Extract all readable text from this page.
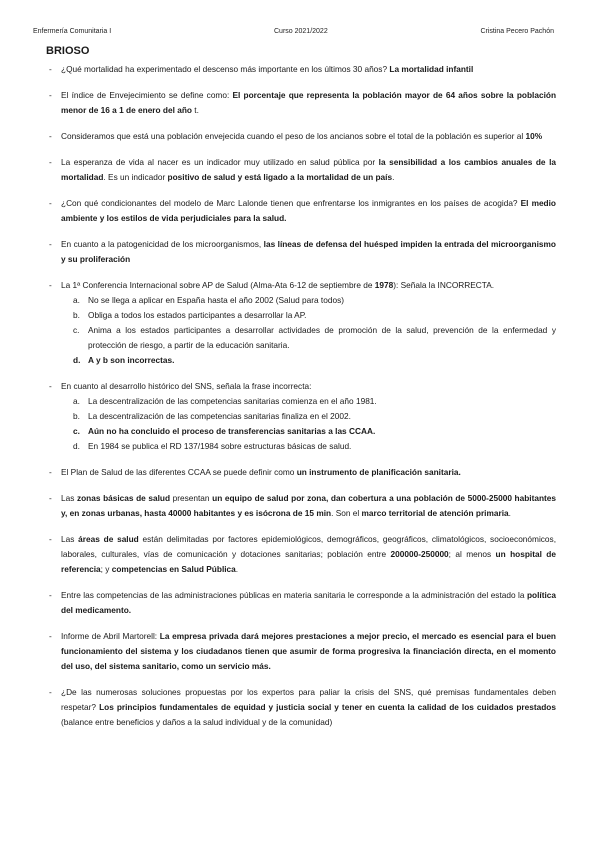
Enfermería Comunitaria I	Curso 2021/2022	Cristina Pecero Pachón
BRIOSO
- ¿Qué mortalidad ha experimentado el descenso más importante en los últimos 30 años? La mortalidad infantil
- El índice de Envejecimiento se define como: El porcentaje que representa la población mayor de 64 años sobre la población menor de 16 a 1 de enero del año t.
- Consideramos que está una población envejecida cuando el peso de los ancianos sobre el total de la población es superior al 10%
- La esperanza de vida al nacer es un indicador muy utilizado en salud pública por la sensibilidad a los cambios anuales de la mortalidad. Es un indicador positivo de salud y está ligado a la mortalidad de un país.
- ¿Con qué condicionantes del modelo de Marc Lalonde tienen que enfrentarse los inmigrantes en los países de acogida? El medio ambiente y los estilos de vida perjudiciales para la salud.
- En cuanto a la patogenicidad de los microorganismos, las líneas de defensa del huésped impiden la entrada del microorganismo y su proliferación
- La 1ª Conferencia Internacional sobre AP de Salud (Alma-Ata 6-12 de septiembre de 1978): Señala la INCORRECTA.
a. No se llega a aplicar en España hasta el año 2002 (Salud para todos)
b. Obliga a todos los estados participantes a desarrollar la AP.
c. Anima a los estados participantes a desarrollar actividades de promoción de la salud, prevención de la enfermedad y protección de riesgo, a partir de la educación sanitaria.
d. A y b son incorrectas.
- En cuanto al desarrollo histórico del SNS, señala la frase incorrecta:
a. La descentralización de las competencias sanitarias comienza en el año 1981.
b. La descentralización de las competencias sanitarias finaliza en el 2002.
c. Aún no ha concluido el proceso de transferencias sanitarias a las CCAA.
d. En 1984 se publica el RD 137/1984 sobre estructuras básicas de salud.
- El Plan de Salud de las diferentes CCAA se puede definir como un instrumento de planificación sanitaria.
- Las zonas básicas de salud presentan un equipo de salud por zona, dan cobertura a una población de 5000-25000 habitantes y, en zonas urbanas, hasta 40000 habitantes y es isócrona de 15 min. Son el marco territorial de atención primaria.
- Las áreas de salud están delimitadas por factores epidemiológicos, demográficos, geográficos, climatológicos, socioeconómicos, laborales, culturales, vías de comunicación y dotaciones sanitarias; población entre 200000-250000; al menos un hospital de referencia; y competencias en Salud Pública.
- Entre las competencias de las administraciones públicas en materia sanitaria le corresponde a la administración del estado la política del medicamento.
- Informe de Abril Martorell: La empresa privada dará mejores prestaciones a mejor precio, el mercado es esencial para el buen funcionamiento del sistema y los ciudadanos tienen que asumir de forma progresiva la financiación directa, en el momento del uso, del sistema sanitario, como un servicio más.
- ¿De las numerosas soluciones propuestas por los expertos para paliar la crisis del SNS, qué premisas fundamentales deben respetar? Los principios fundamentales de equidad y justicia social y tener en cuenta la calidad de los cuidados prestados (balance entre beneficios y daños a la salud individual y de la comunidad)
